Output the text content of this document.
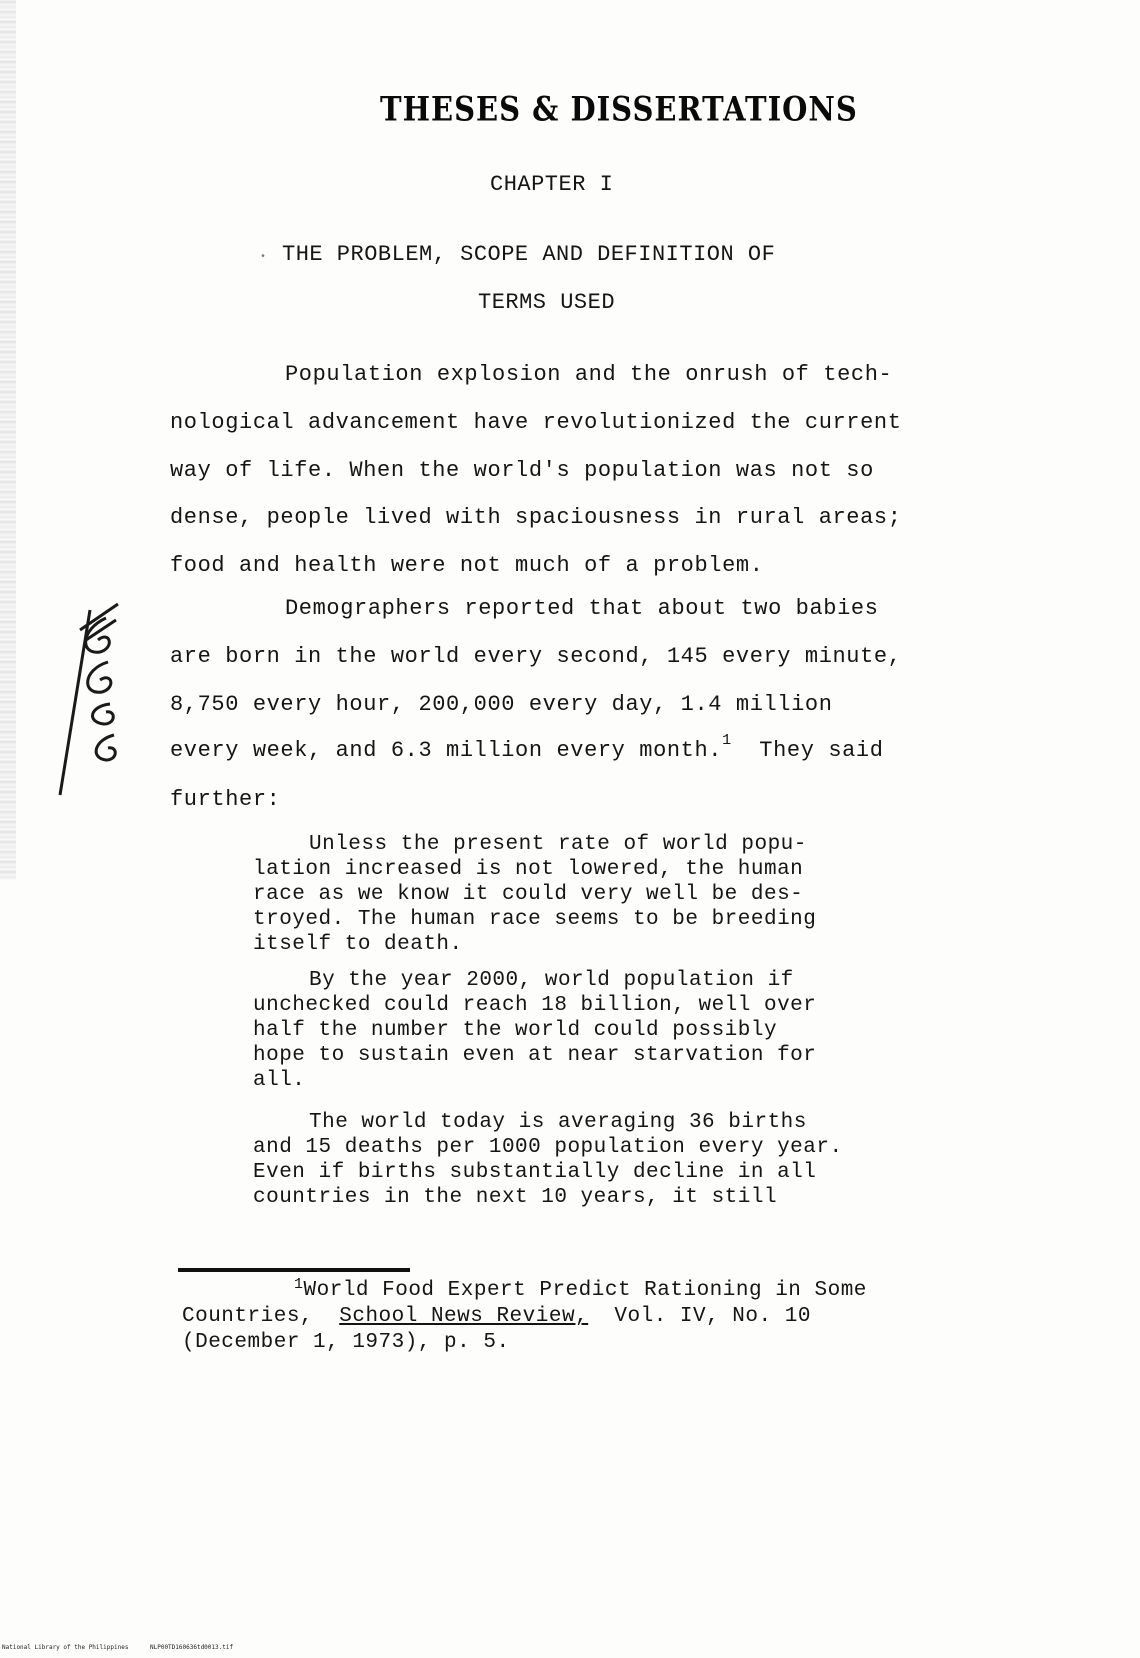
THESES & DISSERTATIONS
CHAPTER I
• THE PROBLEM, SCOPE AND DEFINITION OF
TERMS USED
Population explosion and the onrush of tech-
nological advancement have revolutionized the current
way of life. When the world's population was not so
dense, people lived with spaciousness in rural areas;
food and health were not much of a problem.
Demographers reported that about two babies
are born in the world every second, 145 every minute,
8,750 every hour, 200,000 every day, 1.4 million
every week, and 6.3 million every month.$^1$  They said
further:

Unless the present rate of world popu-

lation increased is not lowered, the human

race as we know it could very well be des-

troyed. The human race seems to be breeding

itself to death.

By the year 2000, world population if

unchecked could reach 18 billion, well over

half the number the world could possibly

hope to sustain even at near starvation for

all.

The world today is averaging 36 births

and 15 deaths per 1000 population every year.

Even if births substantially decline in all

countries in the next 10 years, it still

$^1$World Food Expert Predict Rationing in Some

Countries,  School News Review,  Vol. IV, No. 10

(December 1, 1973), p. 5.

National Library of the Philippines	NLP00TD160636td0013.tif
